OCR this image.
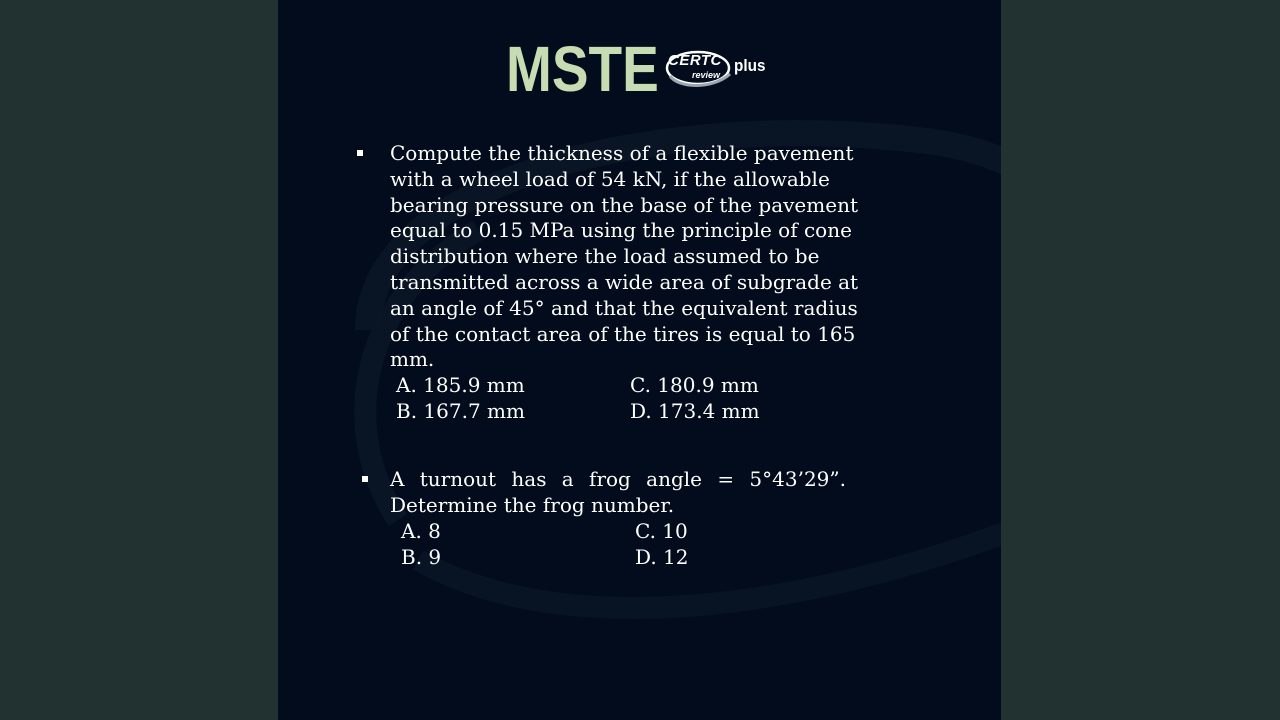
MSTE CERTC
review plus
Compute the thickness of a flexible pavement with a wheel load of 54 kN, if the allowable bearing pressure on the base of the pavement equal to 0.15 MPa using the principle of cone distribution where the load assumed to be transmitted across a wide area of subgrade at an angle of 45° and that the equivalent radius of the contact area of the tires is equal to 165 mm.
A. 185.9 mm	C. 180.9 mm
B. 167.7 mm	D. 173.4 mm
A turnout has a frog angle = 5°43’29”. Determine the frog number.
A. 8	C. 10
B. 9	D. 12
